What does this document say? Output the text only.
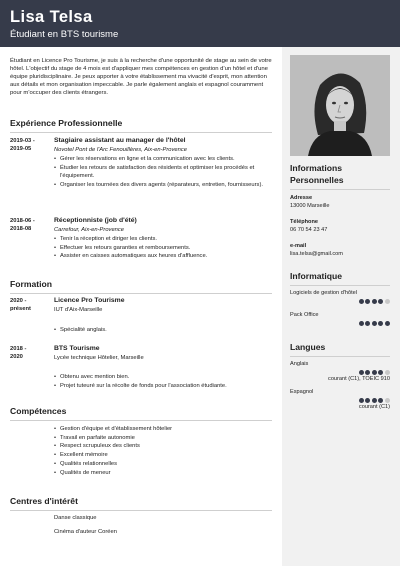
Lisa Telsa
Étudiant en BTS tourisme

Étudiant en Licence Pro Tourisme, je suis à la recherche d'une opportunité de stage au sein de votre hôtel. L'objectif du stage de 4 mois est d'appliquer mes compétences en gestion d'un hôtel et d'une équipe pluridisciplinaire. Je peux apporter à votre établissement ma vivacité d'esprit, mon attention aux détails et mon organisation impeccable. Je parle également anglais et espagnol couramment pour m'occuper des clients étrangers.

Expérience Professionnelle
2019-03 -
2019-05
Stagiaire assistant au manager de l'hôtel
Novotel Pont de l'Arc Fenouillères, Aix-en-Provence
• Gérer les réservations en ligne et la communication avec les clients.
• Étudier les retours de satisfaction des résidents et optimiser les procédés et l'équipement.
• Organiser les tournées des divers agents (réparateurs, entretien, fournisseurs).
2018-06 -
2018-08
Réceptionniste (job d'été)
Carrefour, Aix-en-Provence
• Tenir la réception et diriger les clients.
• Effectuer les retours garanties et remboursements.
• Assister en caisses automatiques aux heures d'affluence.
Formation
2020 -
présent
Licence Pro Tourisme
IUT d'Aix-Marseille
• Spécialité anglais.
2018 -
2020
BTS Tourisme
Lycée technique Hôtelier, Marseille
• Obtenu avec mention bien.
• Projet tuteuré sur la récolte de fonds pour l'association étudiante.
Compétences
• Gestion d'équipe et d'établissement hôtelier
• Travail en parfaite autonomie
• Respect scrupuleux des clients
• Excellent mémoire
• Qualités relationnelles
• Qualités de meneur
Centres d'intérêt
Danse classique
Cinéma d'auteur Coréen
Informations Personnelles
Adresse
13000 Marseille
Téléphone
06 70 54 23 47
e-mail
lisa.telsa@gmail.com
Informatique
Logiciels de gestion d'hôtel
Pack Office
Langues
Anglais
courant (C1), TOEIC 910
Espagnol
courant (C1)
